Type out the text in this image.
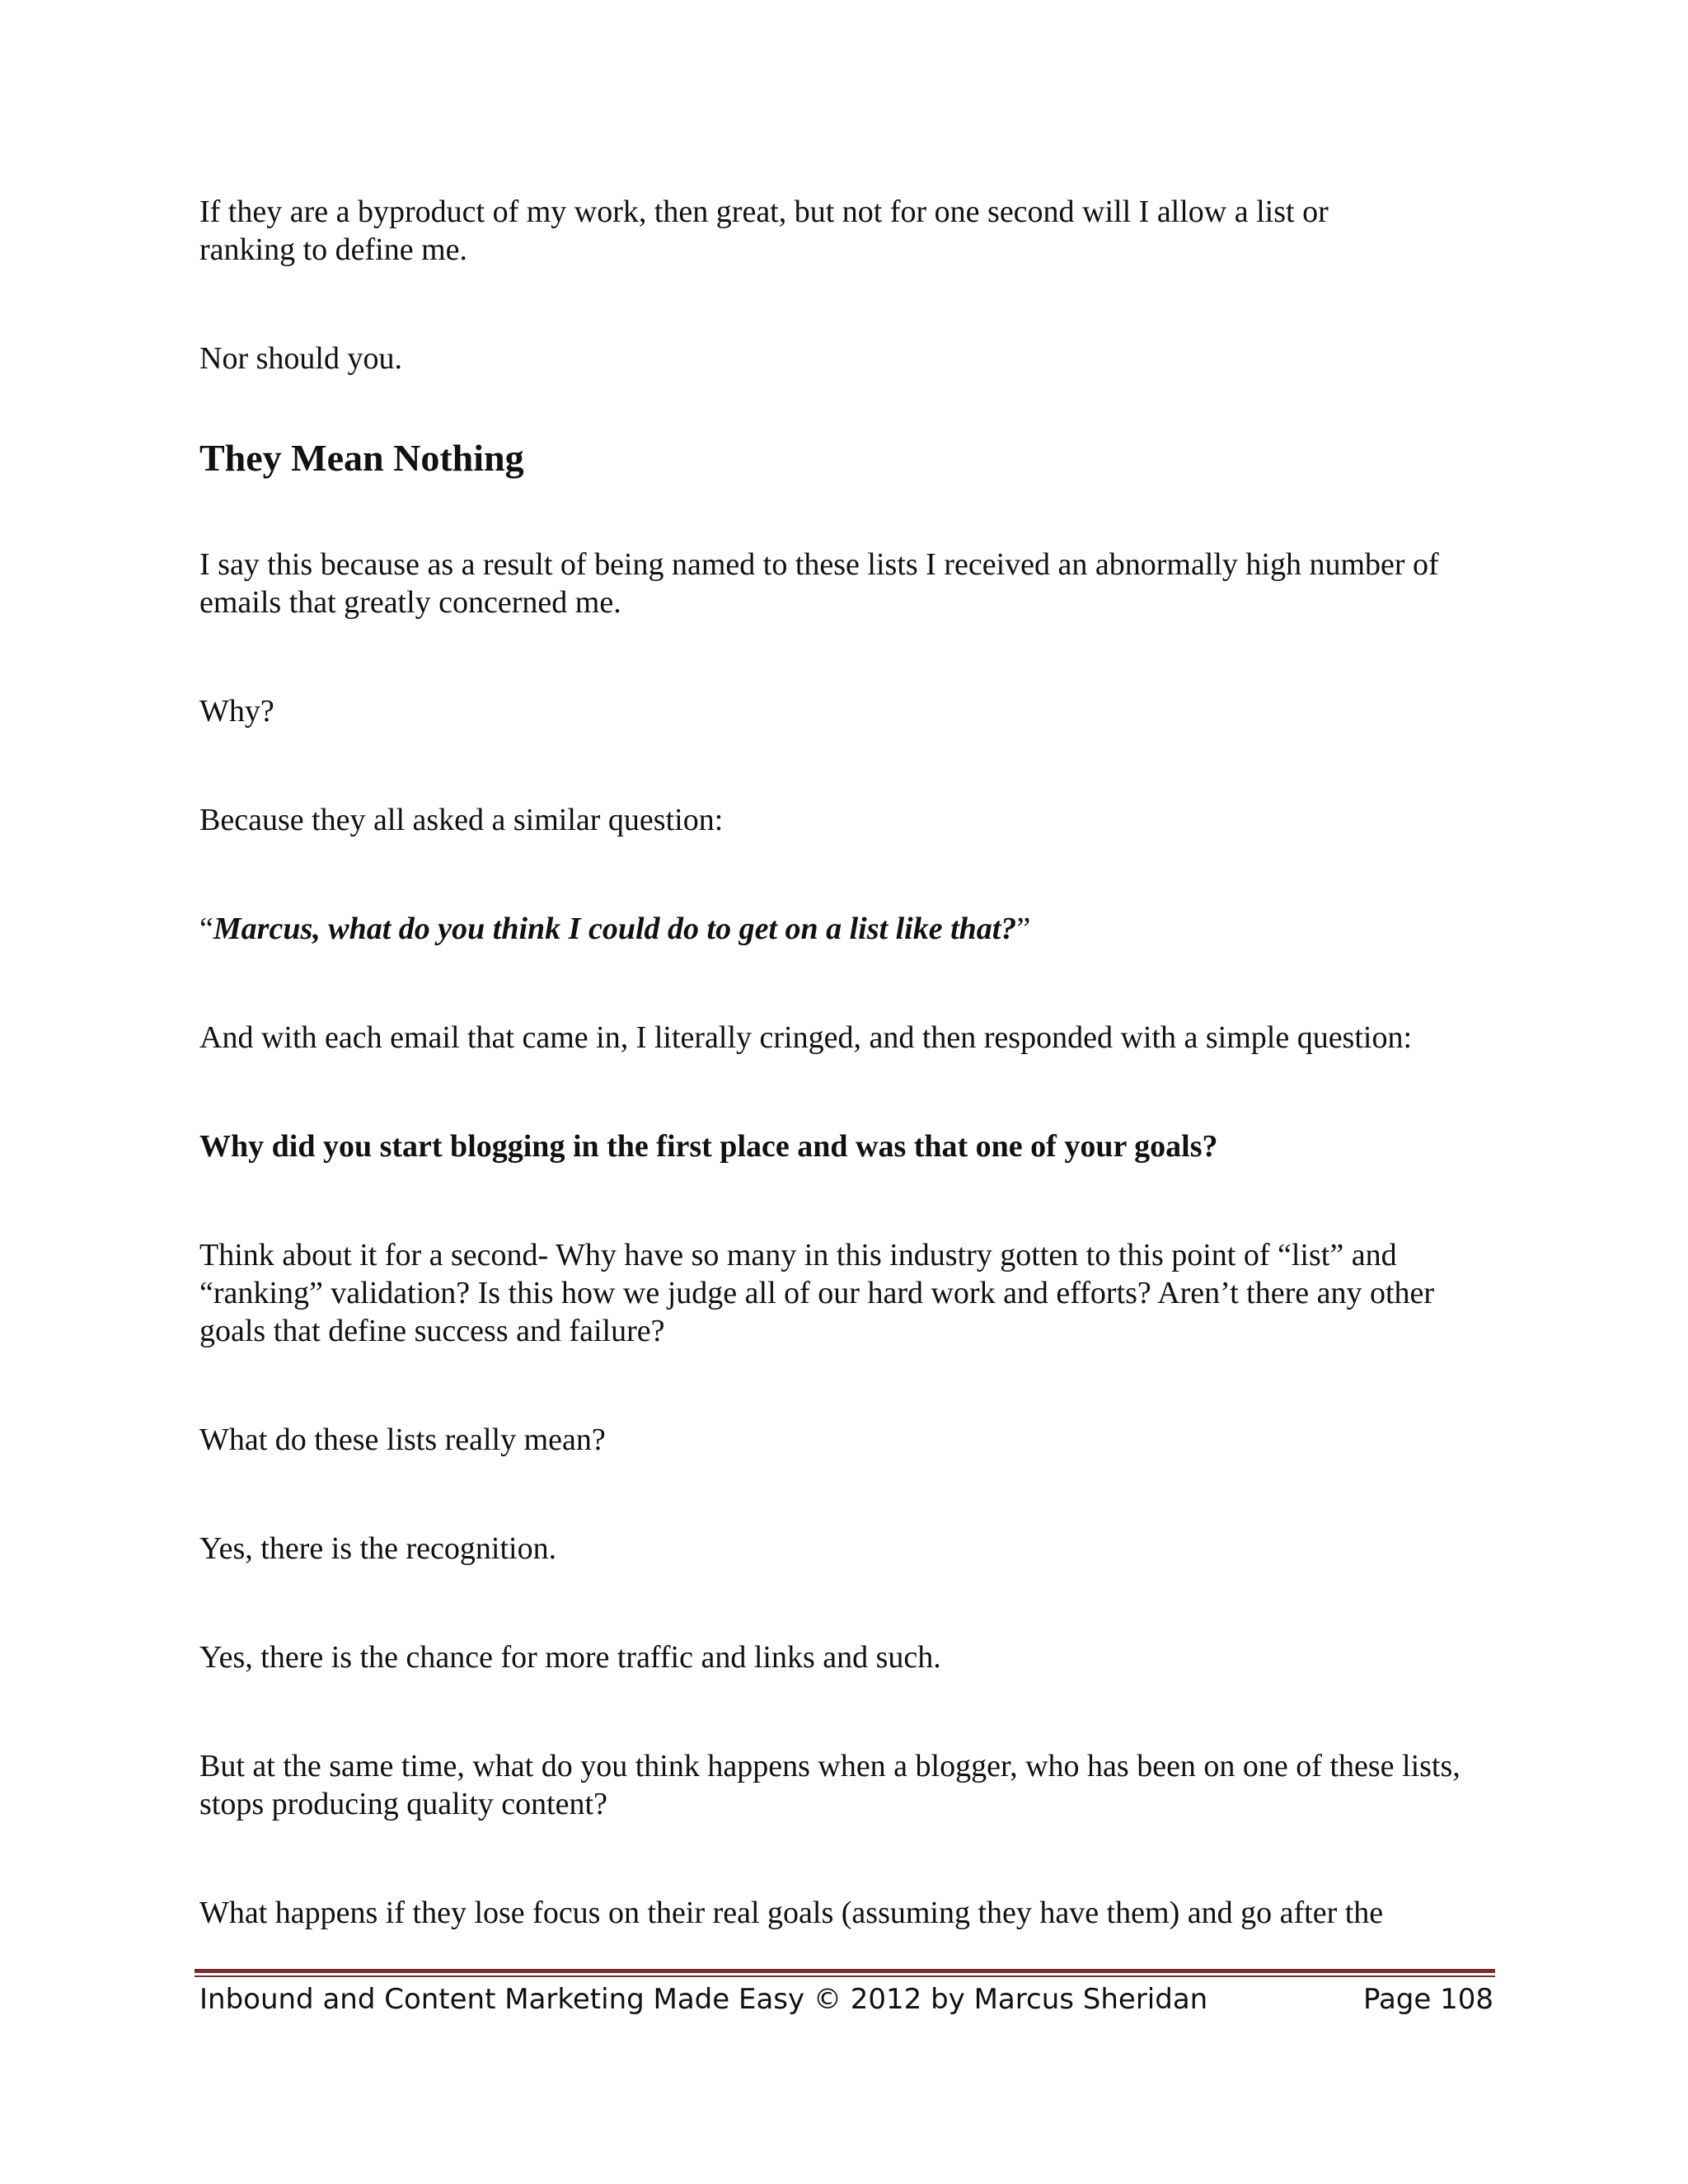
If they are a byproduct of my work, then great, but not for one second will I allow a list or ranking to define me.

Nor should you.

They Mean Nothing

I say this because as a result of being named to these lists I received an abnormally high number of emails that greatly concerned me.

Why?

Because they all asked a similar question:

“Marcus, what do you think I could do to get on a list like that?”

And with each email that came in, I literally cringed, and then responded with a simple question:

Why did you start blogging in the first place and was that one of your goals?

Think about it for a second- Why have so many in this industry gotten to this point of “list” and “ranking” validation? Is this how we judge all of our hard work and efforts? Aren’t there any other goals that define success and failure?

What do these lists really mean?

Yes, there is the recognition.

Yes, there is the chance for more traffic and links and such.

But at the same time, what do you think happens when a blogger, who has been on one of these lists, stops producing quality content?

What happens if they lose focus on their real goals (assuming they have them) and go after the

Inbound and Content Marketing Made Easy © 2012 by Marcus Sheridan	Page 108
